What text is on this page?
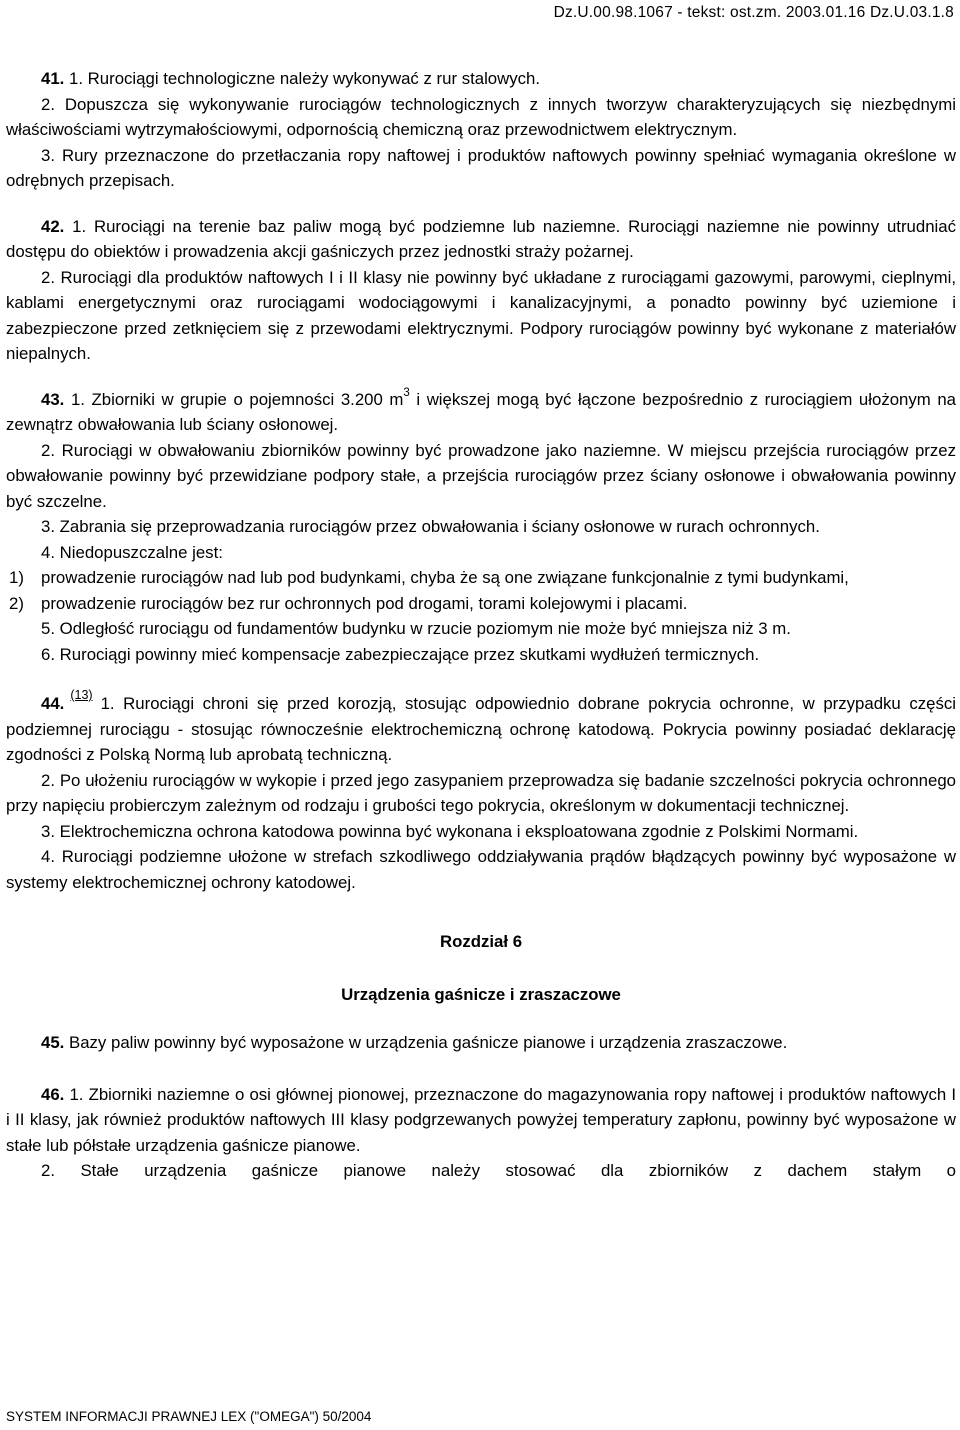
Dz.U.00.98.1067 - tekst: ost.zm. 2003.01.16 Dz.U.03.1.8

41. 1. Rurociągi technologiczne należy wykonywać z rur stalowych.

2. Dopuszcza się wykonywanie rurociągów technologicznych z innych tworzyw charakteryzujących się niezbędnymi właściwościami wytrzymałościowymi, odpornością chemiczną oraz przewodnictwem elektrycznym.

3. Rury przeznaczone do przetłaczania ropy naftowej i produktów naftowych powinny spełniać wymagania określone w odrębnych przepisach.

42. 1. Rurociągi na terenie baz paliw mogą być podziemne lub naziemne. Rurociągi naziemne nie powinny utrudniać dostępu do obiektów i prowadzenia akcji gaśniczych przez jednostki straży pożarnej.

2. Rurociągi dla produktów naftowych I i II klasy nie powinny być układane z rurociągami gazowymi, parowymi, cieplnymi, kablami energetycznymi oraz rurociągami wodociągowymi i kanalizacyjnymi, a ponadto powinny być uziemione i zabezpieczone przed zetknięciem się z przewodami elektrycznymi. Podpory rurociągów powinny być wykonane z materiałów niepalnych.

43. 1. Zbiorniki w grupie o pojemności 3.200 $m^3$ i większej mogą być łączone bezpośrednio z rurociągiem ułożonym na zewnątrz obwałowania lub ściany osłonowej.

2. Rurociągi w obwałowaniu zbiorników powinny być prowadzone jako naziemne. W miejscu przejścia rurociągów przez obwałowanie powinny być przewidziane podpory stałe, a przejścia rurociągów przez ściany osłonowe i obwałowania powinny być szczelne.

3. Zabrania się przeprowadzania rurociągów przez obwałowania i ściany osłonowe w rurach ochronnych.

4. Niedopuszczalne jest:

1)	prowadzenie rurociągów nad lub pod budynkami, chyba że są one związane funkcjonalnie z tymi budynkami,
2)	prowadzenie rurociągów bez rur ochronnych pod drogami, torami kolejowymi i placami.

5. Odległość rurociągu od fundamentów budynku w rzucie poziomym nie może być mniejsza niż 3 m.

6. Rurociągi powinny mieć kompensacje zabezpieczające przez skutkami wydłużeń termicznych.

44. $^{(13)}$ 1. Rurociągi chroni się przed korozją, stosując odpowiednio dobrane pokrycia ochronne, w przypadku części podziemnej rurociągu - stosując równocześnie elektrochemiczną ochronę katodową. Pokrycia powinny posiadać deklarację zgodności z Polską Normą lub aprobatą techniczną.

2. Po ułożeniu rurociągów w wykopie i przed jego zasypaniem przeprowadza się badanie szczelności pokrycia ochronnego przy napięciu probierczym zależnym od rodzaju i grubości tego pokrycia, określonym w dokumentacji technicznej.

3. Elektrochemiczna ochrona katodowa powinna być wykonana i eksploatowana zgodnie z Polskimi Normami.

4. Rurociągi podziemne ułożone w strefach szkodliwego oddziaływania prądów błądzących powinny być wyposażone w systemy elektrochemicznej ochrony katodowej.

Rozdział 6

Urządzenia gaśnicze i zraszaczowe

45. Bazy paliw powinny być wyposażone w urządzenia gaśnicze pianowe i urządzenia zraszaczowe.

46. 1. Zbiorniki naziemne o osi głównej pionowej, przeznaczone do magazynowania ropy naftowej i produktów naftowych I i II klasy, jak również produktów naftowych III klasy podgrzewanych powyżej temperatury zapłonu, powinny być wyposażone w stałe lub półstałe urządzenia gaśnicze pianowe.

2. Stałe urządzenia gaśnicze pianowe należy stosować dla zbiorników z dachem stałym o

SYSTEM INFORMACJI PRAWNEJ LEX ("OMEGA") 50/2004
